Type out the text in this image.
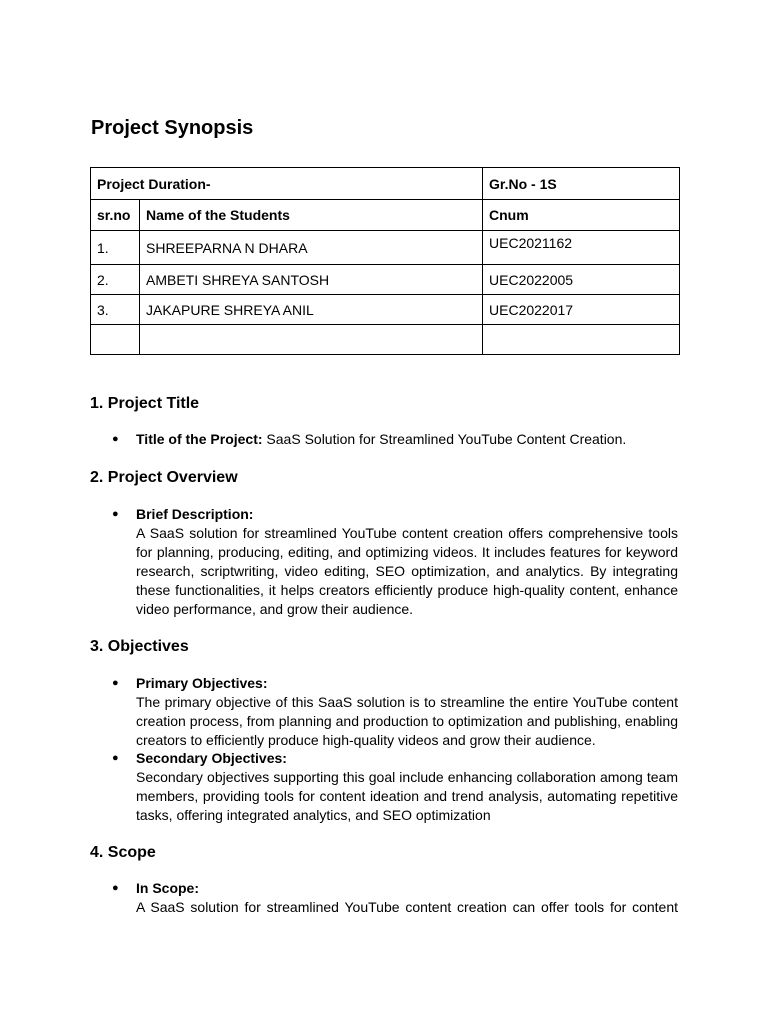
Project Synopsis
Project Duration-		Gr.No - 1S
sr.no	Name of the Students	Cnum
1.	SHREEPARNA N DHARA	UEC2021162
2.	AMBETI SHREYA SANTOSH	UEC2022005
3.	JAKAPURE SHREYA ANIL	UEC2022017

1. Project Title
●	Title of the Project: SaaS Solution for Streamlined YouTube Content Creation.
2. Project Overview
●	Brief Description:
A SaaS solution for streamlined YouTube content creation offers comprehensive tools for planning, producing, editing, and optimizing videos. It includes features for keyword research, scriptwriting, video editing, SEO optimization, and analytics. By integrating these functionalities, it helps creators efficiently produce high-quality content, enhance video performance, and grow their audience.
3. Objectives
●	Primary Objectives:
The primary objective of this SaaS solution is to streamline the entire YouTube content creation process, from planning and production to optimization and publishing, enabling creators to efficiently produce high-quality videos and grow their audience.
●	Secondary Objectives:
Secondary objectives supporting this goal include enhancing collaboration among team members, providing tools for content ideation and trend analysis, automating repetitive tasks, offering integrated analytics, and SEO optimization
4. Scope
●	In Scope:
A SaaS solution for streamlined YouTube content creation can offer tools for content
